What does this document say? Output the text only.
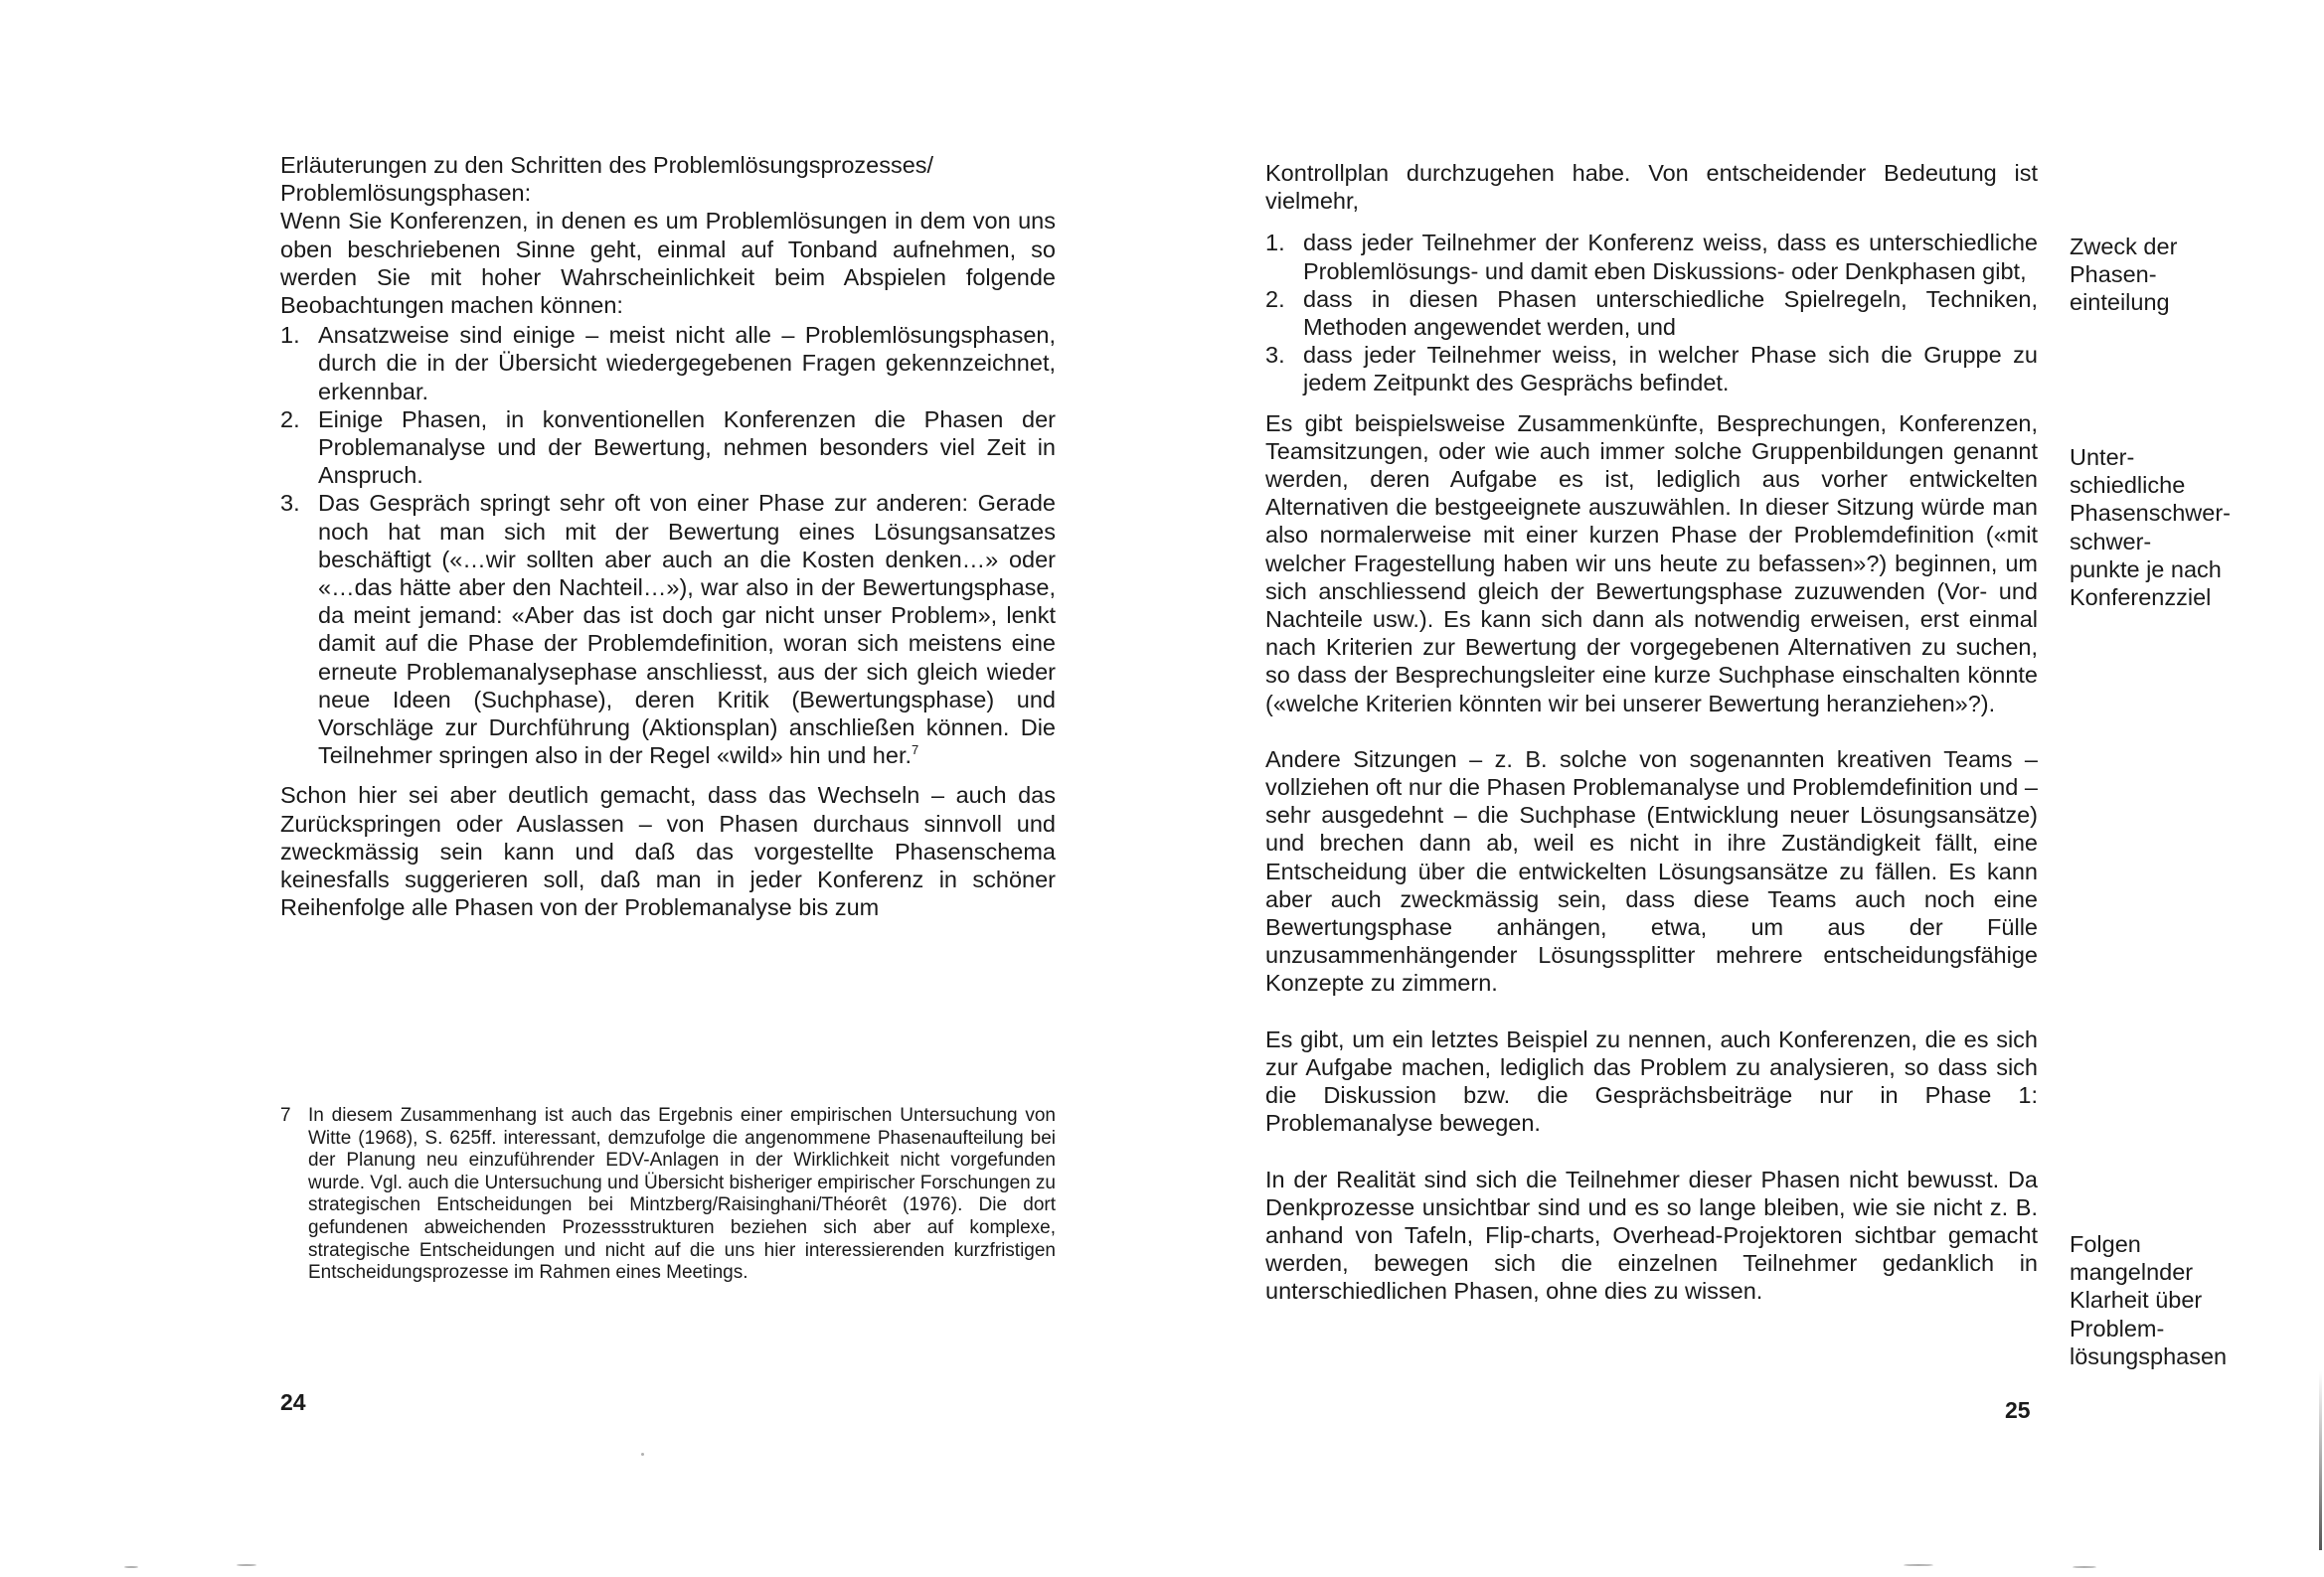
Erläuterungen zu den Schritten des Problemlösungsprozesses/
Problemlösungsphasen:

Wenn Sie Konferenzen, in denen es um Problemlösungen in dem von uns oben beschriebenen Sinne geht, einmal auf Tonband aufnehmen, so werden Sie mit hoher Wahrscheinlichkeit beim Abspielen folgende Beobachtungen machen können:

1. Ansatzweise sind einige – meist nicht alle – Problemlösungsphasen, durch die in der Übersicht wiedergegebenen Fragen gekennzeichnet, erkennbar.
2. Einige Phasen, in konventionellen Konferenzen die Phasen der Problemanalyse und der Bewertung, nehmen besonders viel Zeit in Anspruch.
3. Das Gespräch springt sehr oft von einer Phase zur anderen: Gerade noch hat man sich mit der Bewertung eines Lösungsansatzes beschäftigt («…wir sollten aber auch an die Kosten denken…» oder «…das hätte aber den Nachteil…»), war also in der Bewertungsphase, da meint jemand: «Aber das ist doch gar nicht unser Problem», lenkt damit auf die Phase der Problemdefinition, woran sich meistens eine erneute Problemanalysephase anschliesst, aus der sich gleich wieder neue Ideen (Suchphase), deren Kritik (Bewertungsphase) und Vorschläge zur Durchführung (Aktionsplan) anschließen können. Die Teilnehmer springen also in der Regel «wild» hin und her.$^7$

Schon hier sei aber deutlich gemacht, dass das Wechseln – auch das Zurückspringen oder Auslassen – von Phasen durchaus sinnvoll und zweckmässig sein kann und daß das vorgestellte Phasenschema keinesfalls suggerieren soll, daß man in jeder Konferenz in schöner Reihenfolge alle Phasen von der Problemanalyse bis zum

7 In diesem Zusammenhang ist auch das Ergebnis einer empirischen Untersuchung von Witte (1968), S. 625ff. interessant, demzufolge die angenommene Phasenaufteilung bei der Planung neu einzuführender EDV-Anlagen in der Wirklichkeit nicht vorgefunden wurde. Vgl. auch die Untersuchung und Übersicht bisheriger empirischer Forschungen zu strategischen Entscheidungen bei Mintzberg/Raisinghani/Théorêt (1976). Die dort gefundenen abweichenden Prozessstrukturen beziehen sich aber auf komplexe, strategische Entscheidungen und nicht auf die uns hier interessierenden kurzfristigen Entscheidungsprozesse im Rahmen eines Meetings.
24

Kontrollplan durchzugehen habe. Von entscheidender Bedeutung ist vielmehr,

1. dass jeder Teilnehmer der Konferenz weiss, dass es unterschiedliche Problemlösungs- und damit eben Diskussions- oder Denkphasen gibt,
2. dass in diesen Phasen unterschiedliche Spielregeln, Techniken, Methoden angewendet werden, und
3. dass jeder Teilnehmer weiss, in welcher Phase sich die Gruppe zu jedem Zeitpunkt des Gesprächs befindet.

Es gibt beispielsweise Zusammenkünfte, Besprechungen, Konferenzen, Teamsitzungen, oder wie auch immer solche Gruppenbildungen genannt werden, deren Aufgabe es ist, lediglich aus vorher entwickelten Alternativen die bestgeeignete auszuwählen. In dieser Sitzung würde man also normalerweise mit einer kurzen Phase der Problemdefinition («mit welcher Fragestellung haben wir uns heute zu befassen»?) beginnen, um sich anschliessend gleich der Bewertungsphase zuzuwenden (Vor- und Nachteile usw.). Es kann sich dann als notwendig erweisen, erst einmal nach Kriterien zur Bewertung der vorgegebenen Alternativen zu suchen, so dass der Besprechungsleiter eine kurze Suchphase einschalten könnte («welche Kriterien könnten wir bei unserer Bewertung heranziehen»?).

Andere Sitzungen – z. B. solche von sogenannten kreativen Teams – vollziehen oft nur die Phasen Problemanalyse und Problemdefinition und – sehr ausgedehnt – die Suchphase (Entwicklung neuer Lösungsansätze) und brechen dann ab, weil es nicht in ihre Zuständigkeit fällt, eine Entscheidung über die entwickelten Lösungsansätze zu fällen. Es kann aber auch zweckmässig sein, dass diese Teams auch noch eine Bewertungsphase anhängen, etwa, um aus der Fülle unzusammenhängender Lösungssplitter mehrere entscheidungsfähige Konzepte zu zimmern.

Es gibt, um ein letztes Beispiel zu nennen, auch Konferenzen, die es sich zur Aufgabe machen, lediglich das Problem zu analysieren, so dass sich die Diskussion bzw. die Gesprächsbeiträge nur in Phase 1: Problemanalyse bewegen.

In der Realität sind sich die Teilnehmer dieser Phasen nicht bewusst. Da Denkprozesse unsichtbar sind und es so lange bleiben, wie sie nicht z. B. anhand von Tafeln, Flip-charts, Overhead-Projektoren sichtbar gemacht werden, bewegen sich die einzelnen Teilnehmer gedanklich in unterschiedlichen Phasen, ohne dies zu wissen.

Zweck der
Phasen-
einteilung
Unter-
schiedliche
Phasenschwer-
schwer-
punkte je nach
Konferenzziel
Folgen
mangelnder
Klarheit über
Problem-
lösungsphasen
25
